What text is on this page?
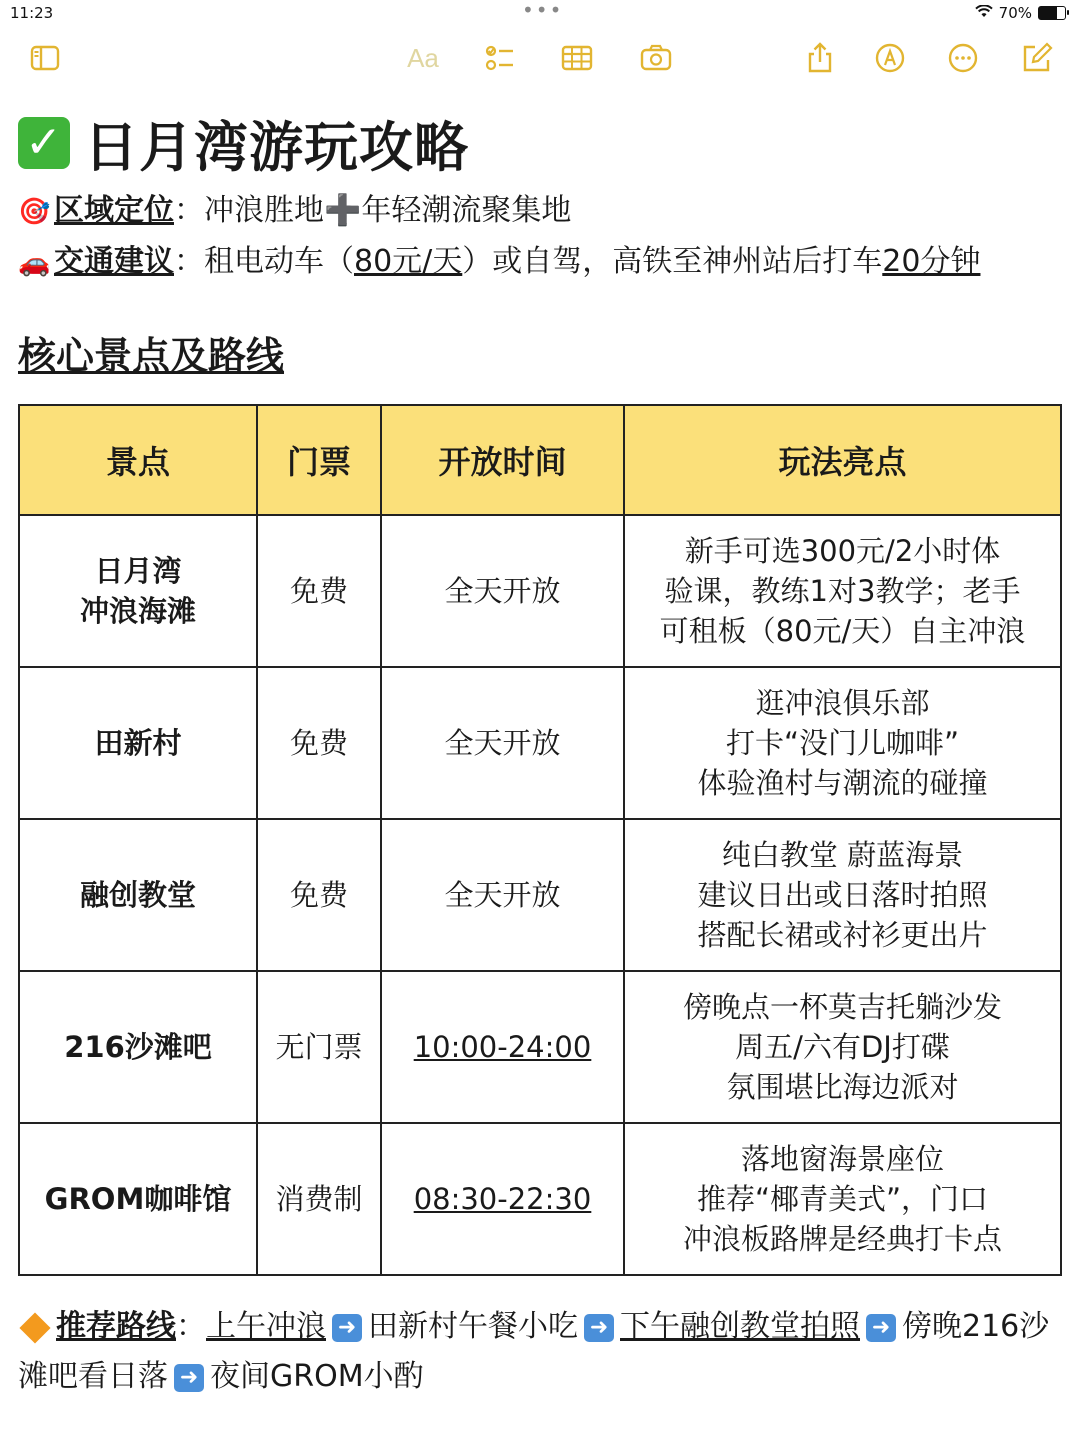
11:23	•••	70%
Aa
✓ 日月湾游玩攻略
🎯 区域定位：冲浪胜地➕年轻潮流聚集地
🚗 交通建议：租电动车（80元/天）或自驾，高铁至神州站后打车20分钟
核心景点及路线
景点	门票	开放时间	玩法亮点

日月湾
冲浪海滩	免费	全天开放	新手可选300元/2小时体
验课，教练1对3教学；老手
可租板（80元/天）自主冲浪

田新村	免费	全天开放	逛冲浪俱乐部
打卡“没门儿咖啡”
体验渔村与潮流的碰撞

融创教堂	免费	全天开放	纯白教堂 蔚蓝海景
建议日出或日落时拍照
搭配长裙或衬衫更出片

216沙滩吧	无门票	10:00-24:00	傍晚点一杯莫吉托躺沙发
周五/六有DJ打碟
氛围堪比海边派对

GROM咖啡馆	消费制	08:30-22:30	落地窗海景座位
推荐“椰青美式”，门口
冲浪板路牌是经典打卡点
推荐路线：上午冲浪 ➜ 田新村午餐小吃 ➜ 下午融创教堂拍照 ➜ 傍晚216沙滩吧看日落 ➜ 夜间GROM小酌
